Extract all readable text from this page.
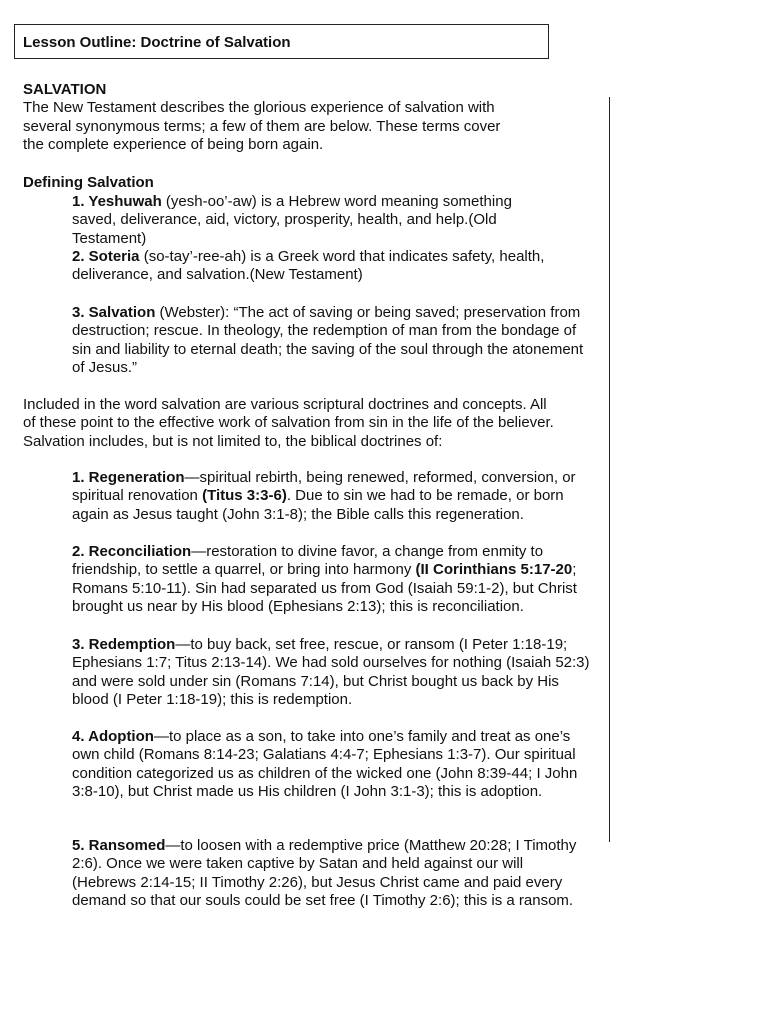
Lesson Outline: Doctrine of Salvation

SALVATION

The New Testament describes the glorious experience of salvation with several synonymous terms; a few of them are below. These terms cover the complete experience of being born again.

Defining Salvation

1. Yeshuwah (yesh-oo’-aw) is a Hebrew word meaning something saved, deliverance, aid, victory, prosperity, health, and help.(Old Testament)

2. Soteria (so-tay’-ree-ah) is a Greek word that indicates safety, health, deliverance, and salvation.(New Testament)

3. Salvation (Webster): “The act of saving or being saved; preservation from destruction; rescue. In theology, the redemption of man from the bondage of sin and liability to eternal death; the saving of the soul through the atonement of Jesus.”

Included in the word salvation are various scriptural doctrines and concepts. All of these point to the effective work of salvation from sin in the life of the believer. Salvation includes, but is not limited to, the biblical doctrines of:

1. Regeneration—spiritual rebirth, being renewed, reformed, conversion, or spiritual renovation (Titus 3:3-6). Due to sin we had to be remade, or born again as Jesus taught (John 3:1-8); the Bible calls this regeneration.

2. Reconciliation—restoration to divine favor, a change from enmity to friendship, to settle a quarrel, or bring into harmony (II Corinthians 5:17-20; Romans 5:10-11). Sin had separated us from God (Isaiah 59:1-2), but Christ brought us near by His blood (Ephesians 2:13); this is reconciliation.

3. Redemption—to buy back, set free, rescue, or ransom (I Peter 1:18-19; Ephesians 1:7; Titus 2:13-14). We had sold ourselves for nothing (Isaiah 52:3) and were sold under sin (Romans 7:14), but Christ bought us back by His blood (I Peter 1:18-19); this is redemption.

4. Adoption—to place as a son, to take into one’s family and treat as one’s own child (Romans 8:14-23; Galatians 4:4-7; Ephesians 1:3-7). Our spiritual condition categorized us as children of the wicked one (John 8:39-44; I John 3:8-10), but Christ made us His children (I John 3:1-3); this is adoption.

5. Ransomed—to loosen with a redemptive price (Matthew 20:28; I Timothy 2:6). Once we were taken captive by Satan and held against our will (Hebrews 2:14-15; II Timothy 2:26), but Jesus Christ came and paid every demand so that our souls could be set free (I Timothy 2:6); this is a ransom.
